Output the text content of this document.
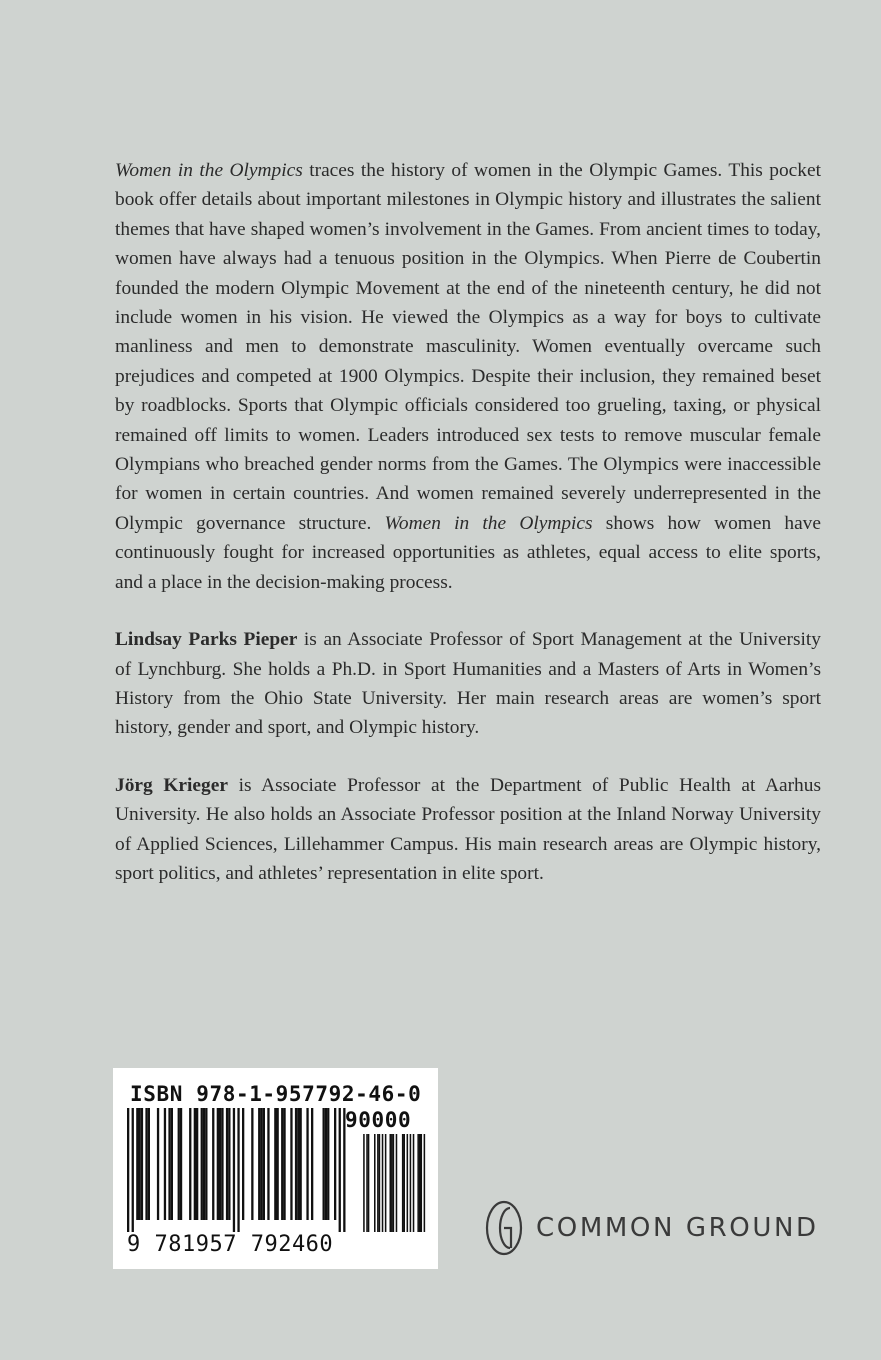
Women in the Olympics traces the history of women in the Olympic Games. This pocket book offer details about important milestones in Olympic history and illustrates the salient themes that have shaped women’s involvement in the Games. From ancient times to today, women have always had a tenuous position in the Olympics. When Pierre de Coubertin founded the modern Olympic Movement at the end of the nineteenth century, he did not include women in his vision. He viewed the Olympics as a way for boys to cultivate manliness and men to demonstrate masculinity. Women eventually overcame such prejudices and competed at 1900 Olympics. Despite their inclusion, they remained beset by roadblocks. Sports that Olympic officials considered too grueling, taxing, or physical remained off limits to women. Leaders introduced sex tests to remove muscular female Olympians who breached gender norms from the Games. The Olympics were inaccessible for women in certain countries. And women remained severely underrepresented in the Olympic governance structure. Women in the Olympics shows how women have continuously fought for increased opportunities as athletes, equal access to elite sports, and a place in the decision-making process.

Lindsay Parks Pieper is an Associate Professor of Sport Management at the University of Lynchburg. She holds a Ph.D. in Sport Humanities and a Masters of Arts in Women’s History from the Ohio State University. Her main research areas are women’s sport history, gender and sport, and Olympic history.

Jörg Krieger is Associate Professor at the Department of Public Health at Aarhus University. He also holds an Associate Professor position at the Inland Norway University of Applied Sciences, Lillehammer Campus. His main research areas are Olympic history, sport politics, and athletes’ representation in elite sport.

ISBN 978-1-957792-46-0
90000
9 781957 792460
COMMON GROUND
